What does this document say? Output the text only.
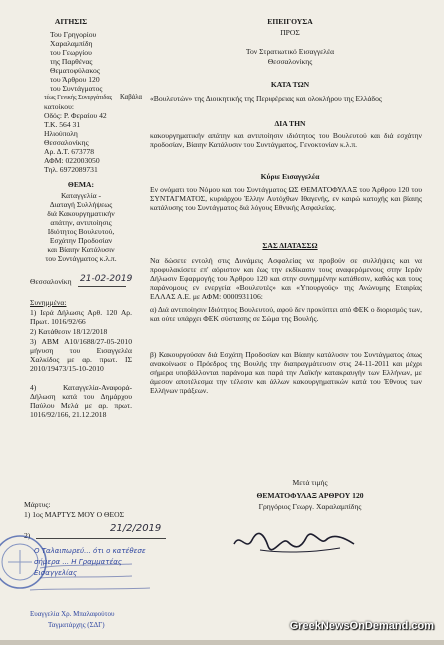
ΑΙΤΗΣΙΣ
Του Γρηγορίου
Χαραλαμπίδη
του Γεωργίου
της Παρθένας
Θεματοφύλακος
του Άρθρου 120
του Συντάγματος
τέως Γενικής Συνεργάτιδας Καβάλα
κατοίκου:
Οδός: Ρ. Φεραίου 42
Τ.Κ. 564 31
Ηλιούπολη
Θεσσαλονίκης
Αρ. Δ.Τ. 673778
ΑΦΜ: 022003050
Τηλ. 6972089731
ΘΕΜΑ:
Καταγγελία -
Διαταγή Συλλήψεως
διά Κακουργηματικήν
απάτην, αντιποίησις
Ιδιότητος Βουλευτού,
Εσχάτην Προδοσίαν
και Βίαιην Κατάλυσιν
του Συντάγματος κ.λ.π.
Θεσσαλονίκη 21-02-2019
Συνημμένα:
1) Ιερά Δήλωσις Αρθ. 120 Αρ. Πρωτ. 1016/92/66
2) Κατάθεσιν 18/12/2018
3) ΑΒΜ Α10/1688/27-05-2010 μήνυση του Εισαγγελέα Χαλκίδος με αρ. πρωτ. ΙΣ 2010/19473/15-10-2010
4) Καταγγελία-Αναφορά-Δήλωση κατά του Δημάρχου Παύλου Μελά με αρ. πρωτ. 1016/92/166, 21.12.2018
ΕΠΕΙΓΟΥΣΑ
ΠΡΟΣ
Τον Στρατιωτικό Εισαγγελέα
Θεσσαλονίκης
ΚΑΤΑ ΤΩΝ
«Βουλευτών» της Διοικητικής της Περιφέρειας και ολοκλήρου της Ελλάδος
ΔΙΑ ΤΗΝ
κακουργηματικήν απάτην και αντιποίησιν ιδιότητος του Βουλευτού και διά εσχάτην προδοσίαν, Βίαιην Κατάλυσιν του Συντάγματος, Γενοκτονίαν κ.λ.π.
Κύριε Εισαγγελέα
Εν ονόματι του Νόμου και του Συντάγματος ΩΣ ΘΕΜΑΤΟΦΥΛΑΞ του Άρθρου 120 του ΣΥΝΤΑΓΜΑΤΟΣ, κυριάρχου Έλλην Αυτόχθων Ιθαγενής, εν καιρώ κατοχής και βίαιης κατάλυσης του Συντάγματος διά λόγους Εθνικής Ασφαλείας.
ΣΑΣ ΔΙΑΤΑΣΣΩ
Να δώσετε εντολή στις Δυνάμεις Ασφαλείας να προβούν σε συλλήψεις και να προφυλακίσετε επ' αόριστον και έως την εκδίκασιν τους αναφερόμενους στην Ιεράν Δήλωσιν Εφαρμογής του Άρθρου 120 και στην συνημμένην κατάθεσιν, καθώς και τους παράνομους εν ενεργεία «Βουλευτές» και «Υπουργούς» της Ανώνυμης Εταιρίας ΕΛΛΑΣ Α.Ε. με ΑΦΜ: 0000931106:
α) Διά αντιποίησιν Ιδιότητος Βουλευτού, αφού δεν προκύπτει από ΦΕΚ ο διορισμός των, και ούτε υπάρχει ΦΕΚ σύστασης σε Σώμα της Βουλής.
β) Κακουργούσαν διά Εσχάτη Προδοσίαν και Βίαιην κατάλυσιν του Συντάγματος όπως ανακοίνωσε ο Πρόεδρος της Βουλής την διαπραγμάτευσιν στις 24-11-2011 και μέχρι σήμερα υποβάλλονται παράνομα και παρά την Λαϊκήν κατακραυγήν των Ελλήνων, με άμεσον αποτέλεσμα την τέλεσιν και άλλων κακουργηματικών κατά του Έθνους των Ελλήνων πράξεων.
Μετά τιμής
ΘΕΜΑΤΟΦΥΛΑΞ ΑΡΘΡΟΥ 120
Γρηγόριος Γεωργ. Χαραλαμπίδης
Μάρτυς:
1) 1ος ΜΑΡΤΥΣ ΜΟΥ Ο ΘΕΟΣ
2)
21/2/2019
Ο Ταλαιπωρεύ... ότι ο κατέθεσε σήμερα ... Η Γραμματέας Εισαγγελίας
Ευαγγελία Χρ. Μπαλαφούτου
Ταγματάρχης (ΣΔΓ)	GreekNewsOnDemand.com
